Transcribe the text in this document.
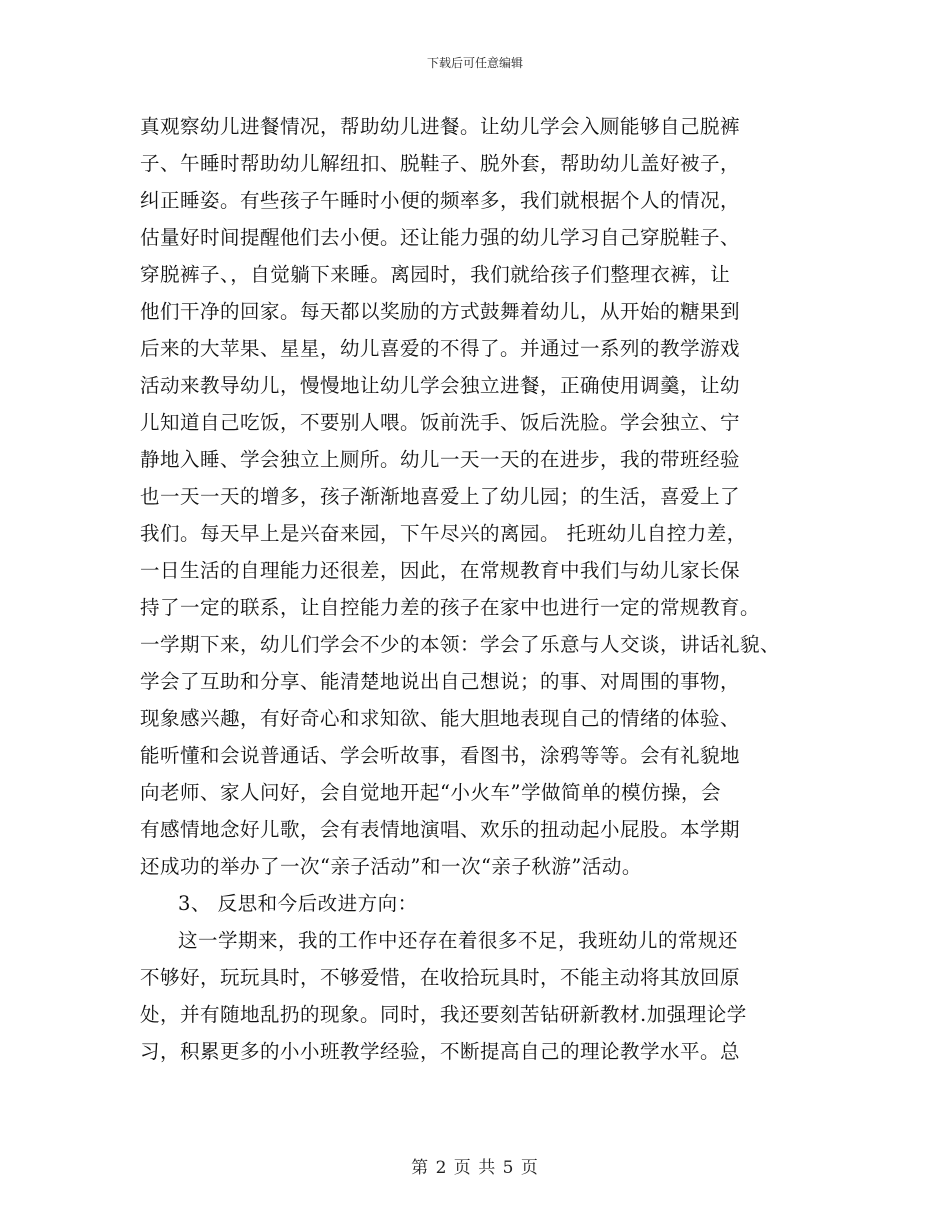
下载后可任意编辑
真观察幼儿进餐情况，帮助幼儿进餐。让幼儿学会入厕能够自己脱裤
子、午睡时帮助幼儿解纽扣、脱鞋子、脱外套，帮助幼儿盖好被子，
纠正睡姿。有些孩子午睡时小便的频率多，我们就根据个人的情况，
估量好时间提醒他们去小便。还让能力强的幼儿学习自己穿脱鞋子、
穿脱裤子、，自觉躺下来睡。离园时，我们就给孩子们整理衣裤，让
他们干净的回家。每天都以奖励的方式鼓舞着幼儿，从开始的糖果到
后来的大苹果、星星，幼儿喜爱的不得了。并通过一系列的教学游戏
活动来教导幼儿，慢慢地让幼儿学会独立进餐，正确使用调羹，让幼
儿知道自己吃饭，不要别人喂。饭前洗手、饭后洗脸。学会独立、宁
静地入睡、学会独立上厕所。幼儿一天一天的在进步，我的带班经验
也一天一天的增多，孩子渐渐地喜爱上了幼儿园；的生活，喜爱上了
我们。每天早上是兴奋来园，下午尽兴的离园。 托班幼儿自控力差，
一日生活的自理能力还很差，因此，在常规教育中我们与幼儿家长保
持了一定的联系，让自控能力差的孩子在家中也进行一定的常规教育。
一学期下来，幼儿们学会不少的本领：学会了乐意与人交谈，讲话礼貌、
学会了互助和分享、能清楚地说出自己想说；的事、对周围的事物，
现象感兴趣，有好奇心和求知欲、能大胆地表现自己的情绪的体验、
能听懂和会说普通话、学会听故事，看图书，涂鸦等等。会有礼貌地
向老师、家人问好，会自觉地开起“小火车”学做简单的模仿操，会
有感情地念好儿歌，会有表情地演唱、欢乐的扭动起小屁股。本学期
还成功的举办了一次“亲子活动”和一次“亲子秋游”活动。
3、 反思和今后改进方向：
这一学期来，我的工作中还存在着很多不足，我班幼儿的常规还
不够好，玩玩具时，不够爱惜，在收拾玩具时，不能主动将其放回原
处，并有随地乱扔的现象。同时，我还要刻苦钻研新教材.加强理论学
习，积累更多的小小班教学经验，不断提高自己的理论教学水平。总
第 2 页 共 5 页
